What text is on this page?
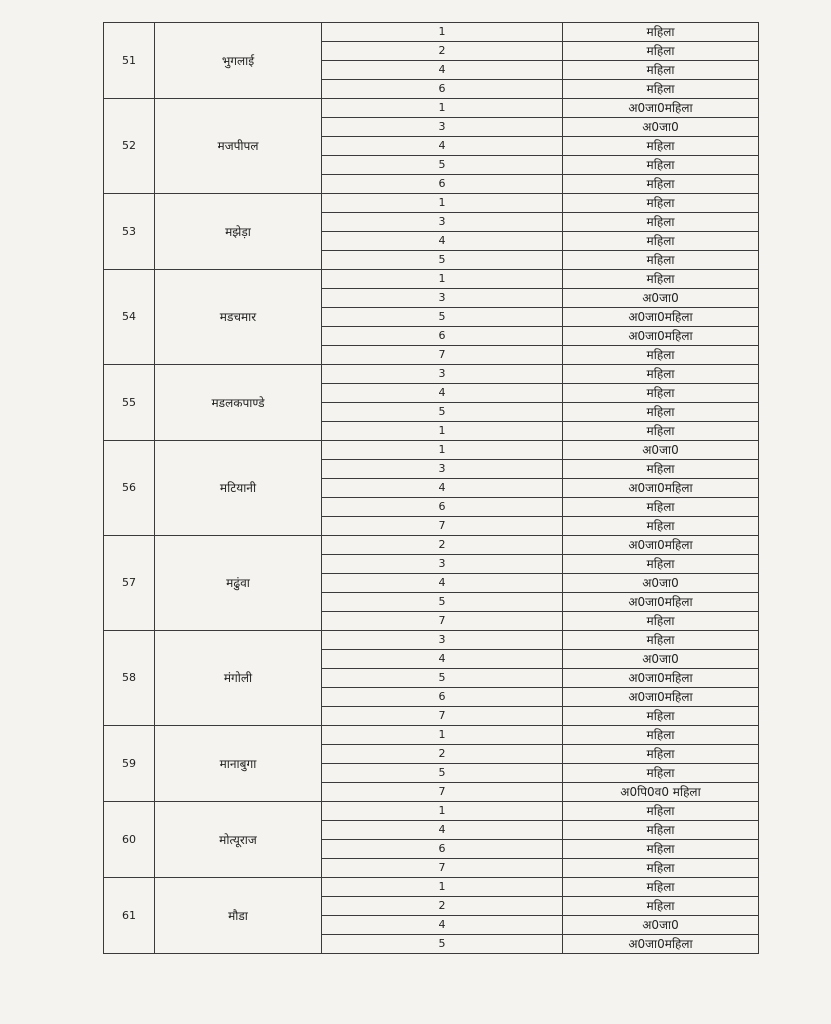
51	भुगलाई	1	महिला
		2	महिला
		4	महिला
		6	महिला
52	मजपीपल	1	अ0जा0महिला
		3	अ0जा0
		4	महिला
		5	महिला
		6	महिला
53	मझेड़ा	1	महिला
		3	महिला
		4	महिला
		5	महिला
54	मडचमार	1	महिला
		3	अ0जा0
		5	अ0जा0महिला
		6	अ0जा0महिला
		7	महिला
55	मडलकपाण्डे	3	महिला
		4	महिला
		5	महिला
		1	महिला
56	मटियानी	1	अ0जा0
		3	महिला
		4	अ0जा0महिला
		6	महिला
		7	महिला
57	मढुंवा	2	अ0जा0महिला
		3	महिला
		4	अ0जा0
		5	अ0जा0महिला
		7	महिला
58	मंगोली	3	महिला
		4	अ0जा0
		5	अ0जा0महिला
		6	अ0जा0महिला
		7	महिला
59	मानाबुगा	1	महिला
		2	महिला
		5	महिला
		7	अ0पि0व0 महिला
60	मोत्यूराज	1	महिला
		4	महिला
		6	महिला
		7	महिला
61	मौडा	1	महिला
		2	महिला
		4	अ0जा0
		5	अ0जा0महिला
